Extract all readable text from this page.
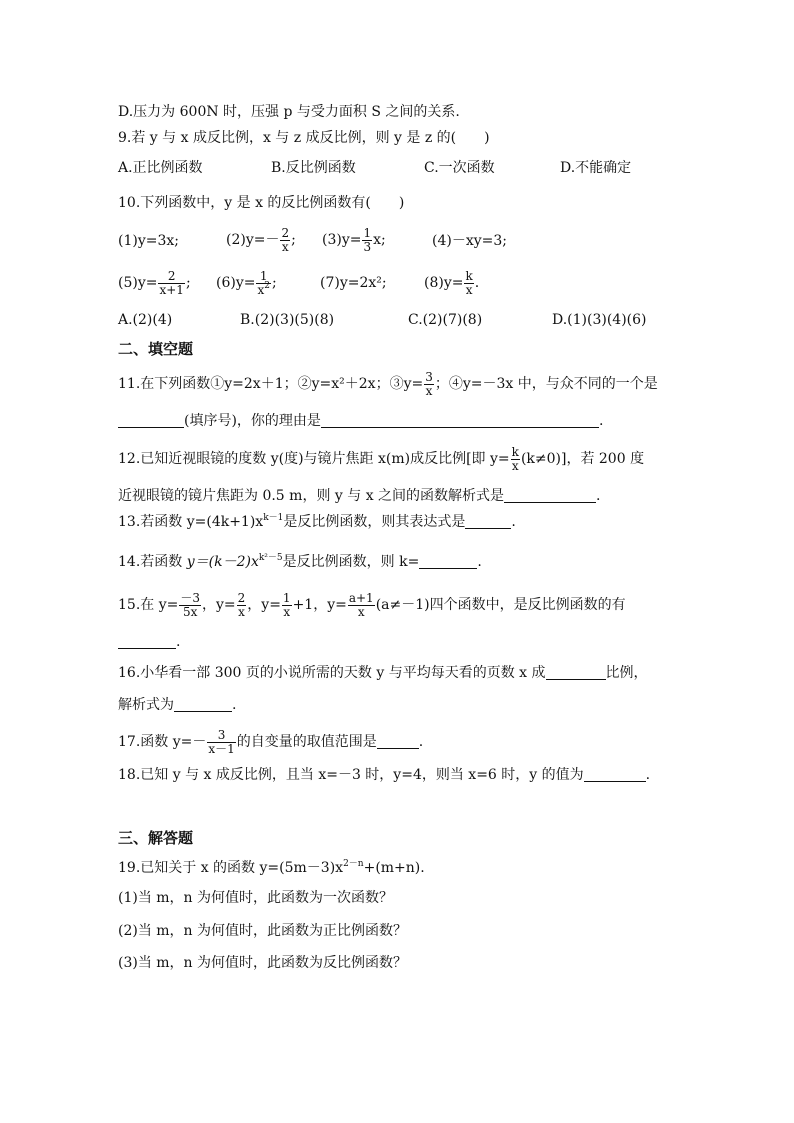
D.压力为 600N 时，压强 p 与受力面积 S 之间的关系.
9.若 y 与 x 成反比例，x 与 z 成反比例，则 y 是 z 的(　　)
A.正比例函数	B.反比例函数	C.一次函数	D.不能确定
10.下列函数中，y 是 x 的反比例函数有(　　)
(1)y=3x;	$(2)y=- \frac{2}{x}$ ; $(3)y= \frac{1}{3} x$;	(4)－xy=3;
$(5)y= \frac{2}{x+1}$ ; $(6)y= \frac{1}{x^2}$ ;	(7)y=2x²;	$(8)y= \frac{k}{x}$ .
A.(2)(4)	B.(2)(3)(5)(8)	C.(2)(7)(8)	D.(1)(3)(4)(6)
二、填空题
11.在下列函数①y=2x＋1；②y=x²＋2x；③y= $\frac{3}{x}$ ；④y=－3x 中，与众不同的一个是
(填序号)，你的理由是	.
12.已知近视眼镜的度数 y(度)与镜片焦距 x(m)成反比例[即 $y= \frac{k}{x} (k\ne 0)$]，若 200 度
近视眼镜的镜片焦距为 0.5 m，则 y 与 x 之间的函数解析式是	.
13.若函数 $y=(4k+1)x^{k-1}$是反比例函数，则其表达式是	.
14.若函数 $y=(k-2)x^{k^2-5}$是反比例函数，则 k=	.
15.在 $y= \frac{-3}{5x}$ ，$y= \frac{2}{x}$ ，$y= \frac{1}{x} +1$，$y= \frac{a+1}{x} (a\ne-1)$四个函数中，是反比例函数的有
.
16.小华看一部 300 页的小说所需的天数 y 与平均每天看的页数 x 成	比例，
解析式为	.
17.函数 $y=- \frac{3}{x-1}$ 的自变量的取值范围是	.
18.已知 y 与 x 成反比例，且当 x=－3 时，y=4，则当 x=6 时，y 的值为	.
三、解答题
19.已知关于 x 的函数 $y=(5m-3)x^{2-n}+(m+n)$.
(1)当 m，n 为何值时，此函数为一次函数？
(2)当 m，n 为何值时，此函数为正比例函数？
(3)当 m，n 为何值时，此函数为反比例函数？
